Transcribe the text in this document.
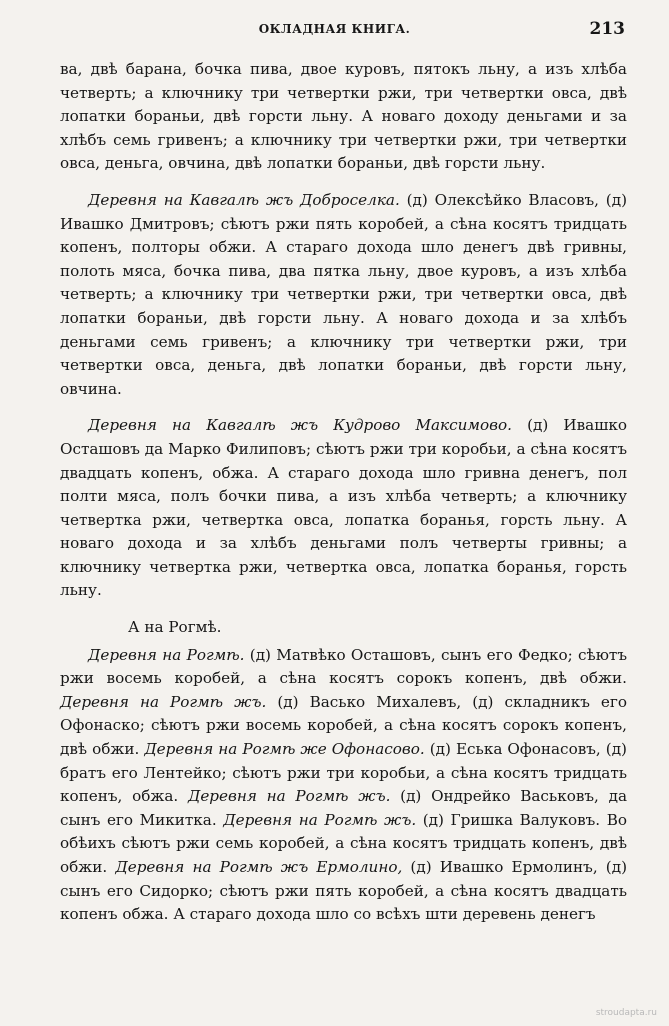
ОКЛАДНАЯ КНИГА.	213

ва, двѣ барана, бочка пива, двое куровъ, пятокъ льну, а изъ хлѣба четверть; а ключнику три четвертки ржи, три четвертки овса, двѣ лопатки бораньи, двѣ горсти льну. А новаго доходу деньгами и за хлѣбъ семь гривенъ; а ключнику три четвертки ржи, три четвертки овса, деньга, овчина, двѣ лопатки бораньи, двѣ горсти льну.

Деревня на Кавгалѣ жъ Доброселка. (д) Олексѣйко Власовъ, (д) Ивашко Дмитровъ; сѣютъ ржи пять коробей, а сѣна косятъ тридцать копенъ, полторы обжи. А стараго дохода шло денегъ двѣ гривны, полоть мяса, бочка пива, два пятка льну, двое куровъ, а изъ хлѣба четверть; а ключнику три четвертки ржи, три четвертки овса, двѣ лопатки бораньи, двѣ горсти льну. А новаго дохода и за хлѣбъ деньгами семь гривенъ; а ключнику три четвертки ржи, три четвертки овса, деньга, двѣ лопатки бораньи, двѣ горсти льну, овчина.

Деревня на Кавгалѣ жъ Кудрово Максимово. (д) Ивашко Осташовъ да Марко Филиповъ; сѣютъ ржи три коробьи, а сѣна косятъ двадцать копенъ, обжа. А стараго дохода шло гривна денегъ, пол полти мяса, полъ бочки пива, а изъ хлѣба четверть; а ключнику четвертка ржи, четвертка овса, лопатка боранья, горсть льну. А новаго дохода и за хлѣбъ деньгами полъ четверты гривны; а ключнику четвертка ржи, четвертка овса, лопатка боранья, горсть льну.

А на Рогмѣ.

Деревня на Рогмѣ. (д) Матвѣко Осташовъ, сынъ его Федко; сѣютъ ржи восемь коробей, а сѣна косятъ сорокъ копенъ, двѣ обжи. Деревня на Рогмѣ жъ. (д) Васько Михалевъ, (д) складникъ его Офонаско; сѣютъ ржи восемь коробей, а сѣна косятъ сорокъ копенъ, двѣ обжи. Деревня на Рогмѣ же Офонасово. (д) Еська Офонасовъ, (д) братъ его Лентейко; сѣютъ ржи три коробьи, а сѣна косятъ тридцать копенъ, обжа. Деревня на Рогмѣ жъ. (д) Ондрейко Васьковъ, да сынъ его Микитка. Деревня на Рогмѣ жъ. (д) Гришка Валуковъ. Во обѣихъ сѣютъ ржи семь коробей, а сѣна косятъ тридцать копенъ, двѣ обжи. Деревня на Рогмѣ жъ Ермолино, (д) Ивашко Ермолинъ, (д) сынъ его Сидорко; сѣютъ ржи пять коробей, а сѣна косятъ двадцать копенъ обжа. А стараго дохода шло со всѣхъ шти деревень денегъ

stroudapta.ru
